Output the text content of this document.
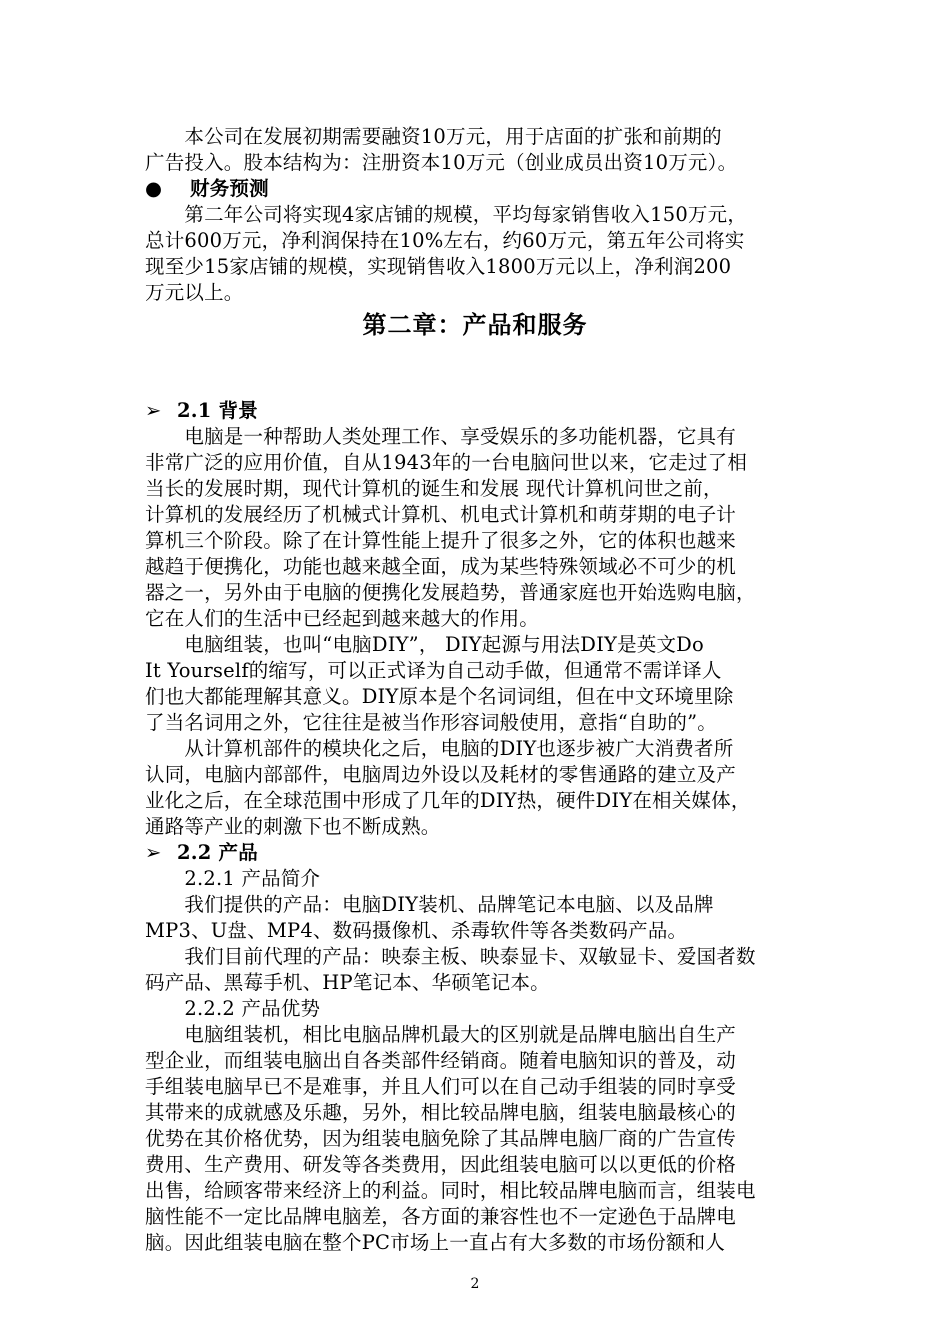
　　本公司在发展初期需要融资10万元，用于店面的扩张和前期的
广告投入。股本结构为：注册资本10万元（创业成员出资10万元）。
● 财务预测
　　第二年公司将实现4家店铺的规模，平均每家销售收入150万元，
总计600万元，净利润保持在10%左右，约60万元，第五年公司将实
现至少15家店铺的规模，实现销售收入1800万元以上，净利润200
万元以上。
第二章：产品和服务
➢ 2.1 背景
　　电脑是一种帮助人类处理工作、享受娱乐的多功能机器，它具有
非常广泛的应用价值，自从1943年的一台电脑问世以来，它走过了相
当长的发展时期，现代计算机的诞生和发展 现代计算机问世之前，
计算机的发展经历了机械式计算机、机电式计算机和萌芽期的电子计
算机三个阶段。除了在计算性能上提升了很多之外，它的体积也越来
越趋于便携化，功能也越来越全面，成为某些特殊领域必不可少的机
器之一，另外由于电脑的便携化发展趋势，普通家庭也开始选购电脑，
它在人们的生活中已经起到越来越大的作用。
　　电脑组装，也叫“电脑DIY”， DIY起源与用法DIY是英文Do
It Yourself的缩写，可以正式译为自己动手做，但通常不需详译人
们也大都能理解其意义。DIY原本是个名词词组，但在中文环境里除
了当名词用之外，它往往是被当作形容词般使用，意指“自助的”。
　　从计算机部件的模块化之后，电脑的DIY也逐步被广大消费者所
认同，电脑内部部件，电脑周边外设以及耗材的零售通路的建立及产
业化之后，在全球范围中形成了几年的DIY热，硬件DIY在相关媒体，
通路等产业的刺激下也不断成熟。
➢ 2.2 产品
　　2.2.1 产品简介
　　我们提供的产品：电脑DIY装机、品牌笔记本电脑、以及品牌
MP3、U盘、MP4、数码摄像机、杀毒软件等各类数码产品。
　　我们目前代理的产品：映泰主板、映泰显卡、双敏显卡、爱国者数
码产品、黑莓手机、HP笔记本、华硕笔记本。
　　2.2.2 产品优势
　　电脑组装机，相比电脑品牌机最大的区别就是品牌电脑出自生产
型企业，而组装电脑出自各类部件经销商。随着电脑知识的普及，动
手组装电脑早已不是难事，并且人们可以在自己动手组装的同时享受
其带来的成就感及乐趣，另外，相比较品牌电脑，组装电脑最核心的
优势在其价格优势，因为组装电脑免除了其品牌电脑厂商的广告宣传
费用、生产费用、研发等各类费用，因此组装电脑可以以更低的价格
出售，给顾客带来经济上的利益。同时，相比较品牌电脑而言，组装电
脑性能不一定比品牌电脑差，各方面的兼容性也不一定逊色于品牌电
脑。因此组装电脑在整个PC市场上一直占有大多数的市场份额和人
2
